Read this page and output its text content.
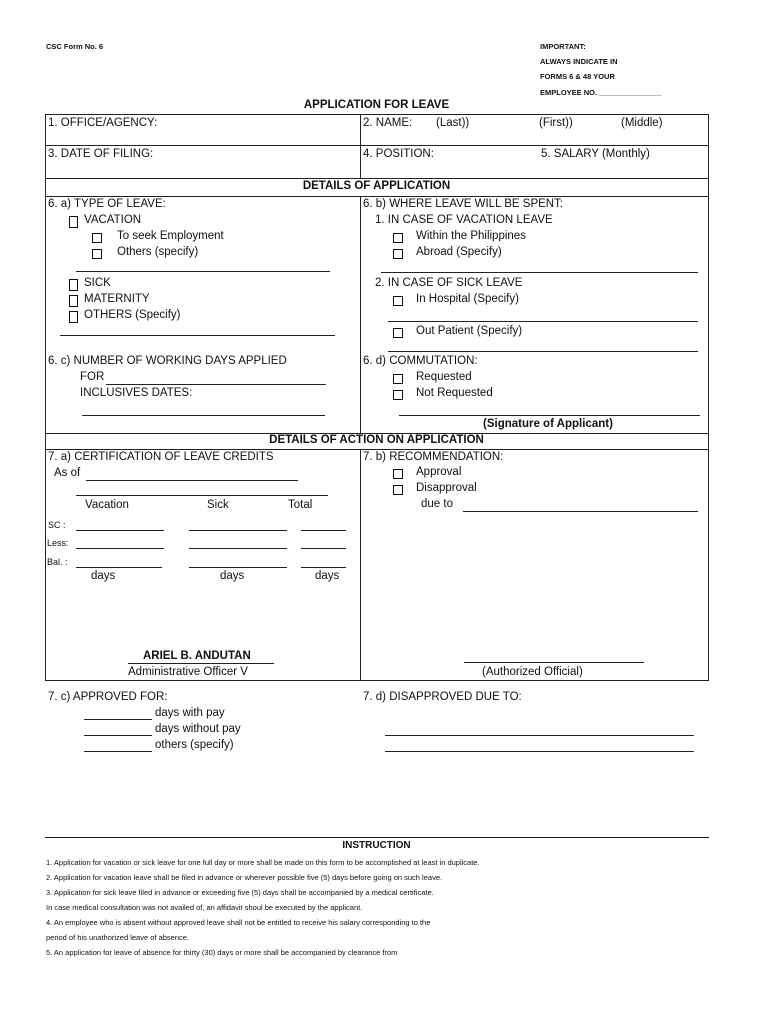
CSC Form No. 6	IMPORTANT:
ALWAYS INDICATE IN
FORMS 6 & 48 YOUR
EMPLOYEE NO. _______________
APPLICATION FOR LEAVE
1. OFFICE/AGENCY:	2. NAME: (Last))	(First))	(Middle)
3. DATE OF FILING:	4. POSITION:	5. SALARY (Monthly)
DETAILS OF APPLICATION
6. a) TYPE OF LEAVE:
VACATION
To seek Employment
Others (specify)
SICK
MATERNITY
OTHERS (Specify)
6. b) WHERE LEAVE WILL BE SPENT:
1. IN CASE OF VACATION LEAVE
Within the Philippines
Abroad (Specify)
2. IN CASE OF SICK LEAVE
In Hospital (Specify)
Out Patient (Specify)
6. c) NUMBER OF WORKING DAYS APPLIED
FOR
INCLUSIVES DATES:
6. d) COMMUTATION:
Requested
Not Requested
(Signature of Applicant)
DETAILS OF ACTION ON APPLICATION
7. a) CERTIFICATION OF LEAVE CREDITS
As of
Vacation	Sick	Total
SC :
Less:
Bal. :
days	days	days
ARIEL B. ANDUTAN
Administrative Officer V
7. b) RECOMMENDATION:
Approval
Disapproval
due to
(Authorized Official)
7. c) APPROVED FOR:
days with pay
days without pay
others (specify)
7. d) DISAPPROVED DUE TO:
INSTRUCTION
1. Application for vacation or sick leave for one full day or more shall be made on this form to be accomplished at least in duplicate.
2. Application for vacation leave shall be filed in advance or wherever possible five (5) days before going on such leave.
3. Application for sick leave filed in advance or exceeding five (5) days shall be accompanied by a medical certificate.
In case medical consultation was not availed of, an affidavit shoul be executed by the applicant.
4. An employee who is absent without approved leave shall not be entitled to receive his salary corresponding to the
period of his unathorized leave of absence.
5. An application for leave of absence for thirty (30) days or more shall be accompanied by clearance from
